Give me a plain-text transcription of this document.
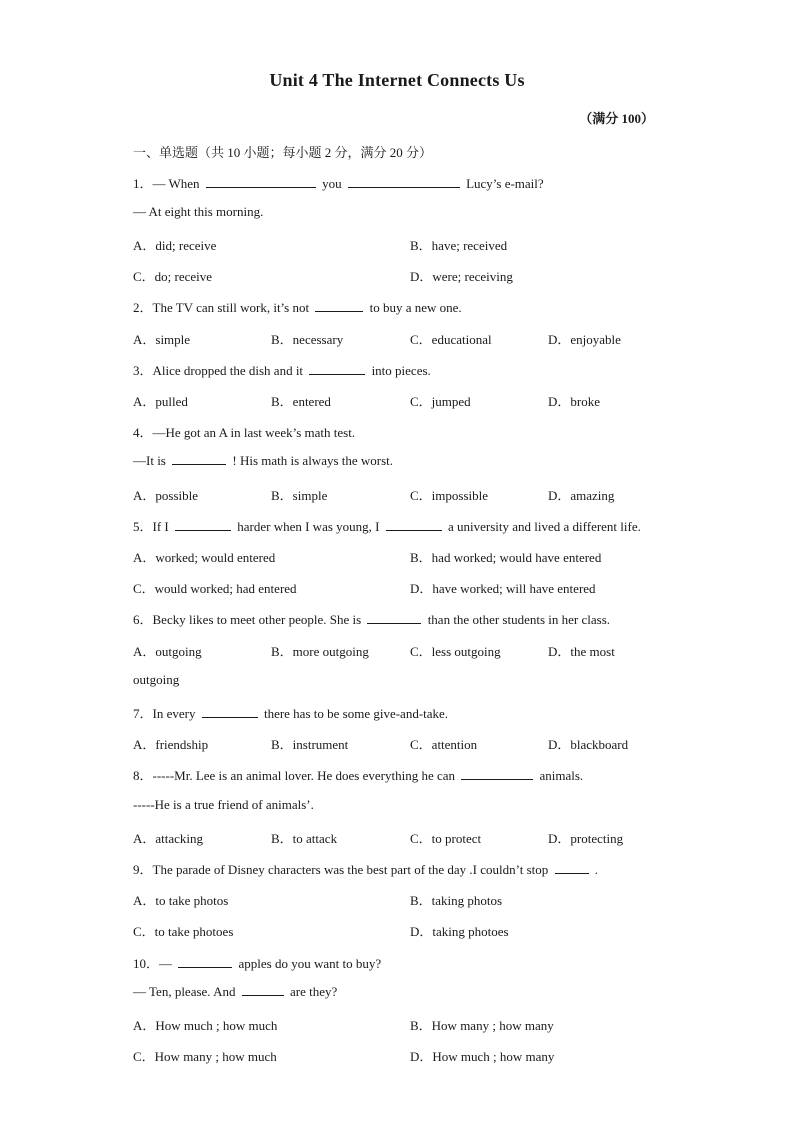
Unit 4 The Internet Connects Us
（满分 100）
一、单选题（共 10 小题；每小题 2 分，满分 20 分）
1．— When	you	Lucy’s e-mail?
— At eight this morning.
A．did; receive	B．have; received
C．do; receive	D．were; receiving
2．The TV can still work, it’s not	to buy a new one.
A．simple	B．necessary	C．educational	D．enjoyable
3．Alice dropped the dish and it	into pieces.
A．pulled	B．entered	C．jumped	D．broke
4．—He got an A in last week’s math test.
—It is	! His math is always the worst.
A．possible	B．simple	C．impossible	D．amazing
5．If I	harder when I was young, I	a university and lived a different life.
A．worked; would entered	B．had worked; would have entered
C．would worked; had entered	D．have worked; will have entered
6．Becky likes to meet other people. She is	than the other students in her class.
A．outgoing	B．more outgoing	C．less outgoing	D．the most
outgoing
7．In every	there has to be some give-and-take.
A．friendship	B．instrument	C．attention	D．blackboard
8．-----Mr. Lee is an animal lover. He does everything he can	animals.
-----He is a true friend of animals’.
A．attacking	B．to attack	C．to protect	D．protecting
9．The parade of Disney characters was the best part of the day .I couldn’t stop	.
A．to take photos	B．taking photos
C．to take photoes	D．taking photoes
10．—	apples do you want to buy?
— Ten, please. And	are they?
A．How much ; how much	B．How many ; how many
C．How many ; how much	D．How much ; how many
